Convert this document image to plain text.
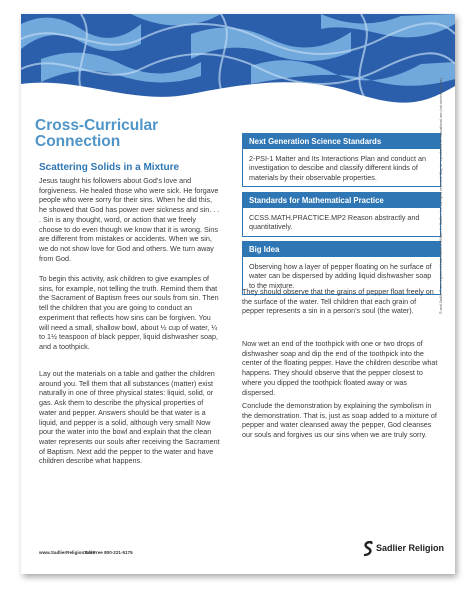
Cross-Curricular Connection
Scattering Solids in a Mixture
Jesus taught his followers about God’s love and forgiveness. He healed those who were sick. He forgave people who were sorry for their sins. When he did this, he showed that God has power over sickness and sin. . . . Sin is any thought, word, or action that we freely choose to do even though we know that it is wrong. Sins are different from mistakes or accidents. When we sin, we do not show love for God and others. We turn away from God.
To begin this activity, ask children to give examples of sins, for example, not telling the truth. Remind them that the Sacrament of Baptism frees our souls from sin. Then tell the children that you are going to conduct an experiment that reflects how sins can be forgiven. You will need a small, shallow bowl, about ½ cup of water, ¼ to 1½ teaspoon of black pepper, liquid dishwasher soap, and a toothpick.
Lay out the materials on a table and gather the children around you. Tell them that all substances (matter) exist naturally in one of three physical states: liquid, solid, or gas. Ask them to describe the physical properties of water and pepper. Answers should be that water is a liquid, and pepper is a solid, although very small! Now pour the water into the bowl and explain that the clean water represents our souls after receiving the Sacrament of Baptism. Next add the pepper to the water and have children describe what happens.
Next Generation Science Standards
2-PSI-1 Matter and Its Interactions Plan and conduct an investigation to descibe and classify different kinds of materials by their observable properties.
Standards for Mathematical Practice
CCSS.MATH.PRACTICE.MP2 Reason abstractly and quantitatively.
Big Idea
Observing how a layer of pepper floating on he surface of water can be dispersed by adding liquid dishwasher soap to the mixture.
They should observe that the grains of pepper float freely on the surface of the water. Tell children that each grain of pepper represents a sin in a person’s soul (the water).
Now wet an end of the toothpick with one or two drops of dishwasher soap and dip the end of the toothpick into the center of the floating pepper. Have the children describe what happens. They should observe that the pepper closest to where you dipped the toothpick floated away or was dispersed.
Conclude the demonstration by explaining the symbolism in the demonstration. That is, just as soap added to a mixture of pepper and water cleansed away the pepper, God cleanses our souls and forgives us our sins when we are truly sorry.
® and Sadlier® are registered trademarks of William H. Sadlier, Inc. All rights reserved. May be reproduced for educational use (not commercial use).
www.SadlierReligion.com
Toll Free 800-221-5175	Sadlier Religion
